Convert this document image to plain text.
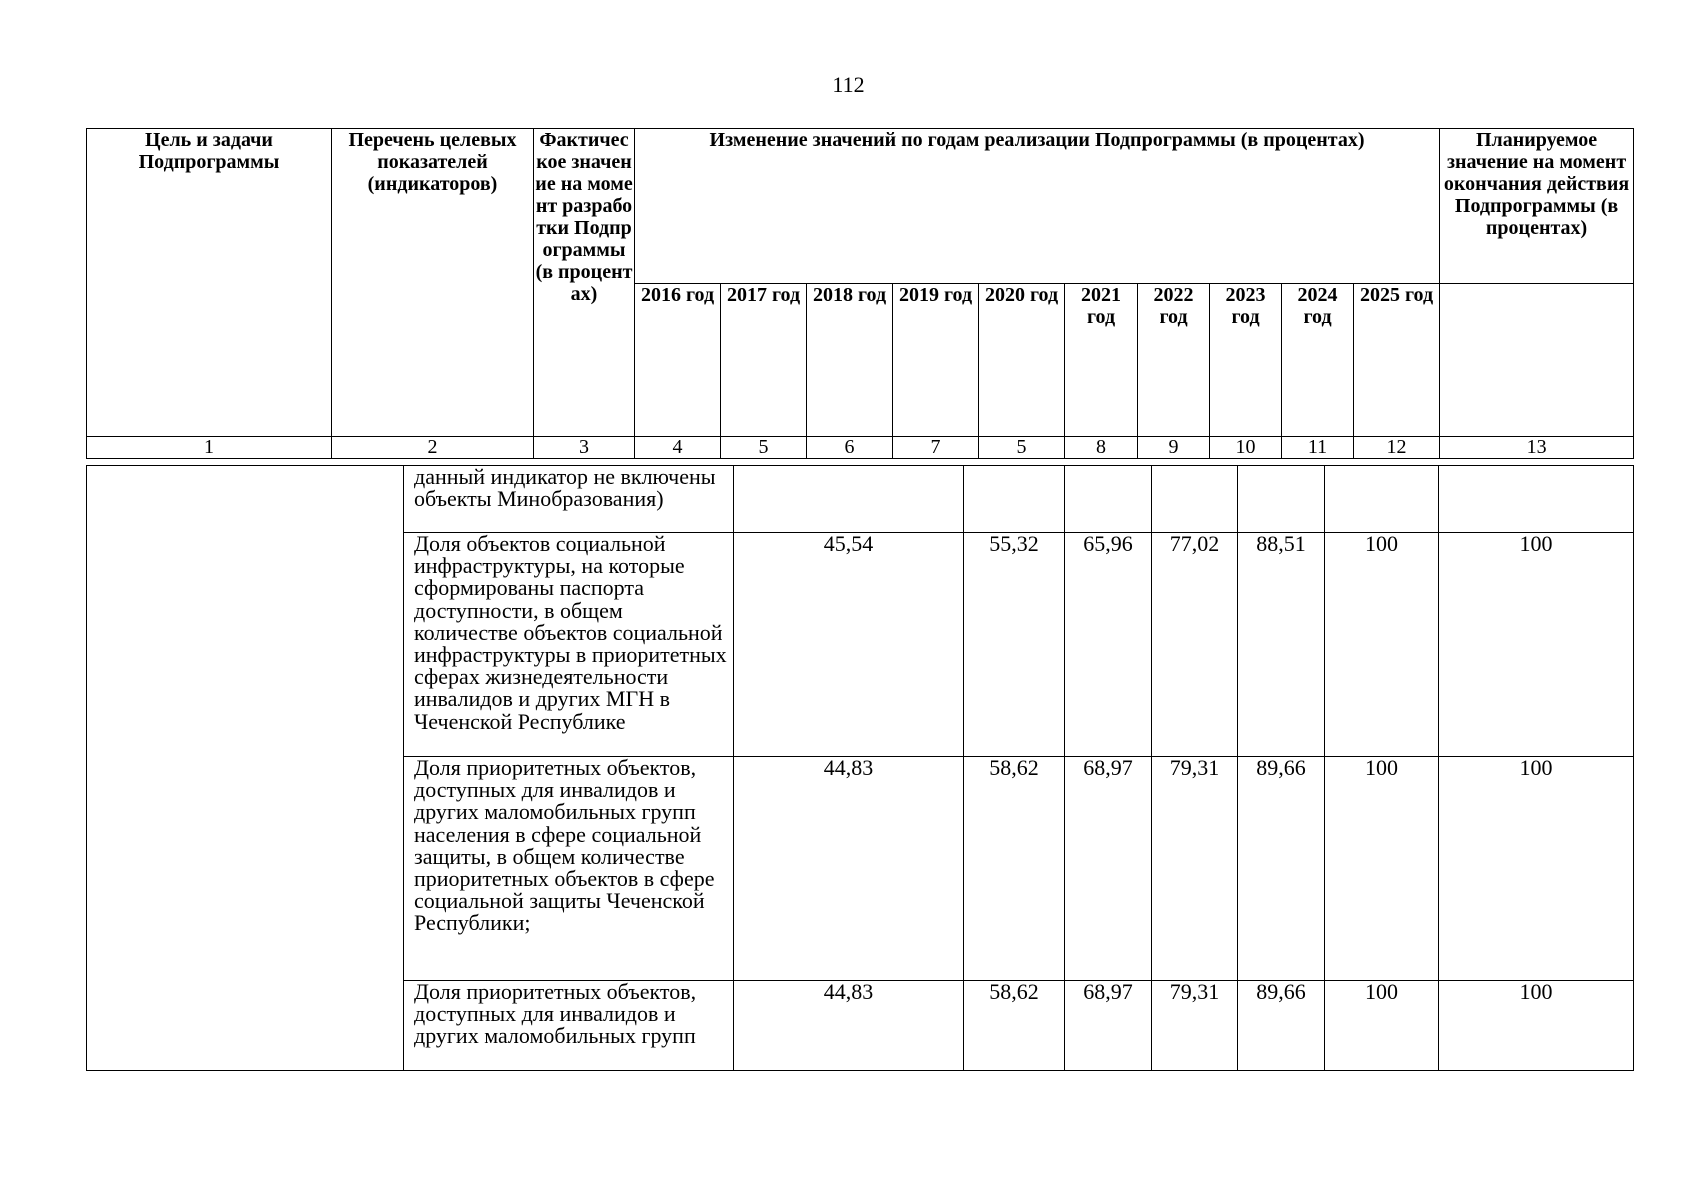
112
Цель и задачи Подпрограммы	Перечень целевых показателей (индикаторов)	Фактическое значение на момент разработки Подпрограммы (в процентах)	Изменение значений по годам реализации Подпрограммы (в процентах)										Планируемое значение на момент окончания действия Подпрограммы (в процентах)
			2016 год	2017 год	2018 год	2019 год	2020 год	2021 год	2022 год	2023 год	2024 год	2025 год	
1	2	3	4	5	6	7	5	8	9	10	11	12	13
	данный индикатор не включены объекты Минобразования)							
	Доля объектов социальной инфраструктуры, на которые сформированы паспорта доступности, в общем количестве объектов социальной инфраструктуры в приоритетных сферах жизнедеятельности инвалидов и других МГН в Чеченской Республике	45,54	55,32	65,96	77,02	88,51	100	100
	Доля приоритетных объектов, доступных для инвалидов и других маломобильных групп населения в сфере социальной защиты, в общем количестве приоритетных объектов в сфере социальной защиты Чеченской Республики;	44,83	58,62	68,97	79,31	89,66	100	100
	Доля приоритетных объектов, доступных для инвалидов и других маломобильных групп	44,83	58,62	68,97	79,31	89,66	100	100
